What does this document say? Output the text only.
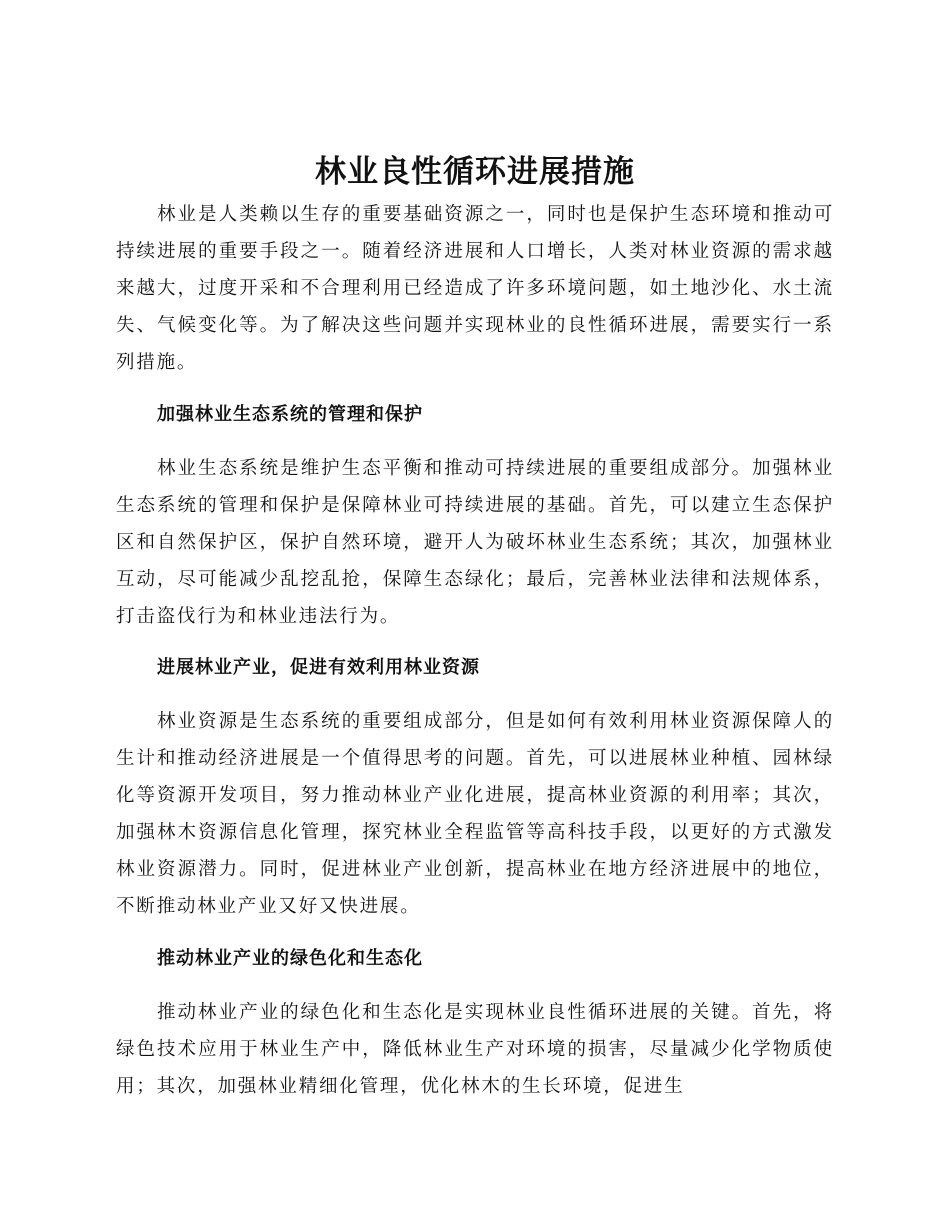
林业良性循环进展措施

林业是人类赖以生存的重要基础资源之一，同时也是保护生态环境和推动可持续进展的重要手段之一。随着经济进展和人口增长，人类对林业资源的需求越来越大，过度开采和不合理利用已经造成了许多环境问题，如土地沙化、水土流失、气候变化等。为了解决这些问题并实现林业的良性循环进展，需要实行一系列措施。

加强林业生态系统的管理和保护

林业生态系统是维护生态平衡和推动可持续进展的重要组成部分。加强林业生态系统的管理和保护是保障林业可持续进展的基础。首先，可以建立生态保护区和自然保护区，保护自然环境，避开人为破坏林业生态系统；其次，加强林业互动，尽可能减少乱挖乱抢，保障生态绿化；最后，完善林业法律和法规体系，打击盗伐行为和林业违法行为。

进展林业产业，促进有效利用林业资源

林业资源是生态系统的重要组成部分，但是如何有效利用林业资源保障人的生计和推动经济进展是一个值得思考的问题。首先，可以进展林业种植、园林绿化等资源开发项目，努力推动林业产业化进展，提高林业资源的利用率；其次，加强林木资源信息化管理，探究林业全程监管等高科技手段，以更好的方式激发林业资源潜力。同时，促进林业产业创新，提高林业在地方经济进展中的地位，不断推动林业产业又好又快进展。

推动林业产业的绿色化和生态化

推动林业产业的绿色化和生态化是实现林业良性循环进展的关键。首先，将绿色技术应用于林业生产中，降低林业生产对环境的损害，尽量减少化学物质使用；其次，加强林业精细化管理，优化林木的生长环境，促进生
